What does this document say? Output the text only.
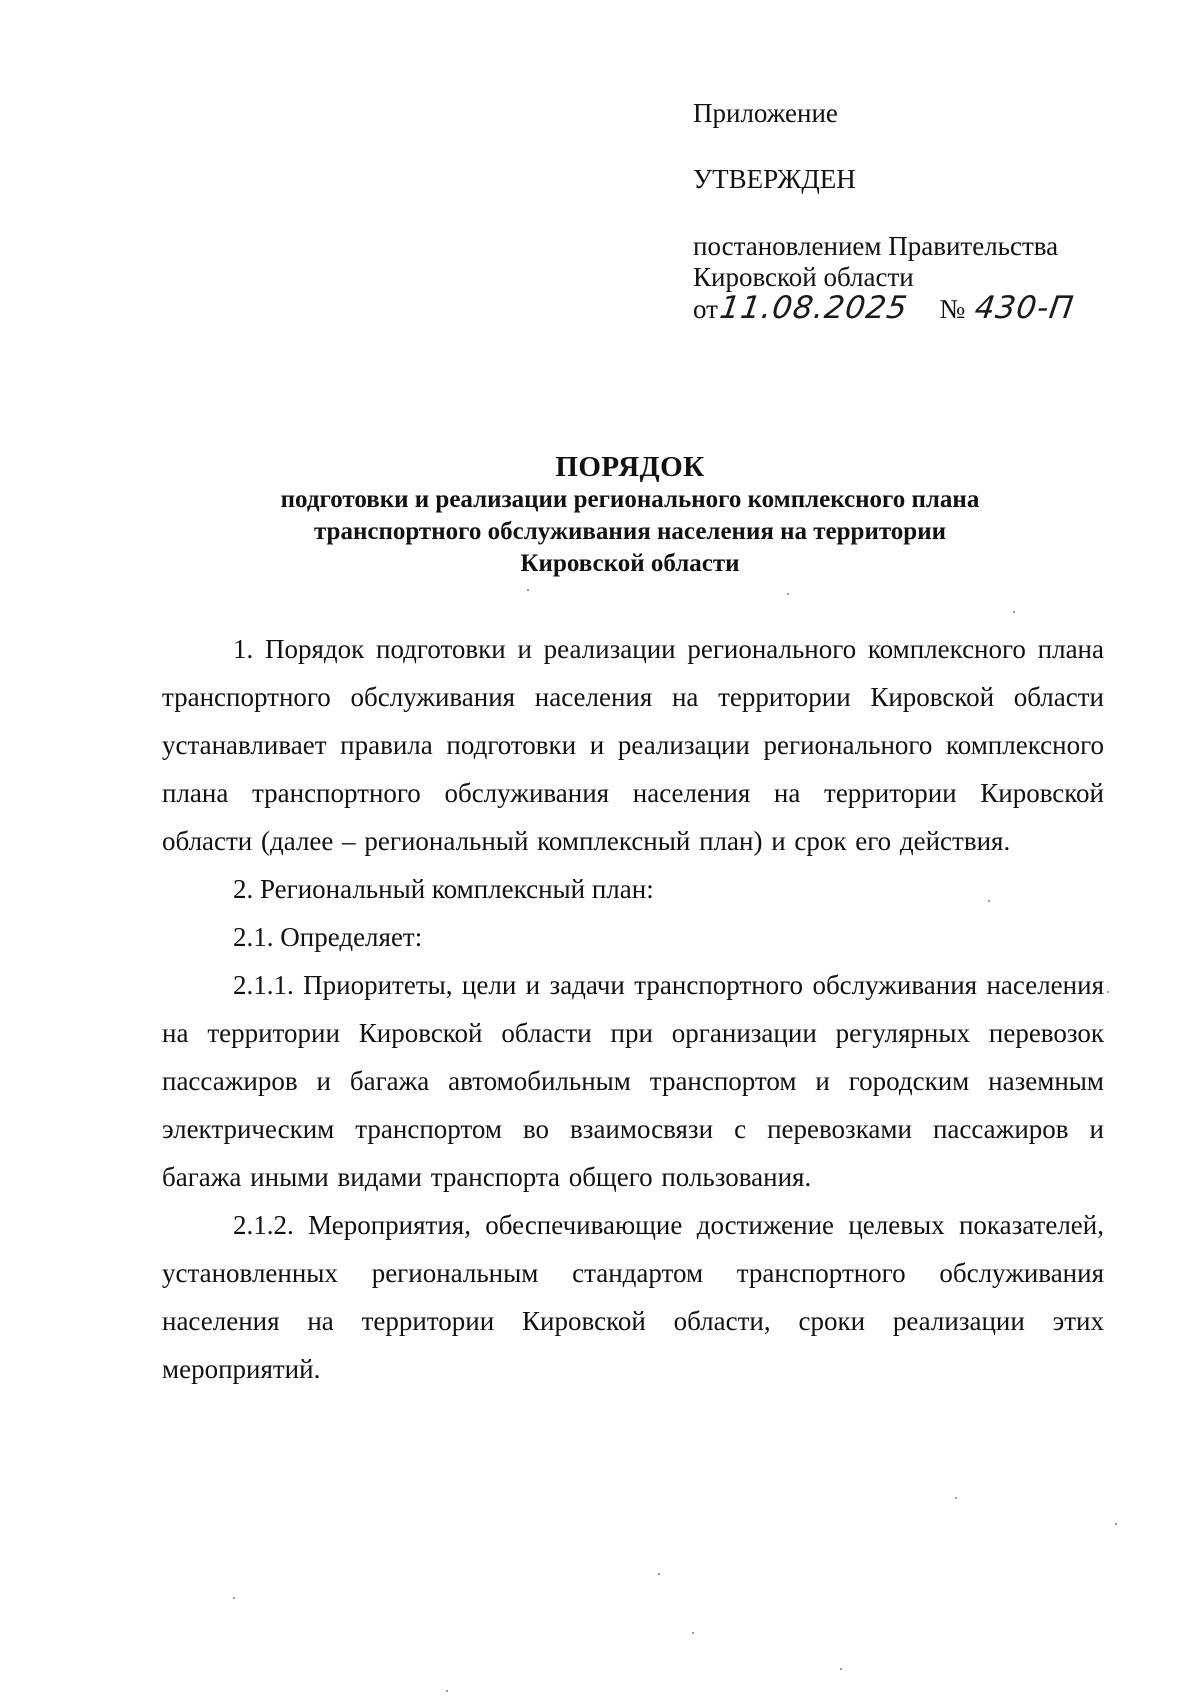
Приложение
УТВЕРЖДЕН
постановлением Правительства
Кировской области
от 11.08.2025 № 430-П
ПОРЯДОК
подготовки и реализации регионального комплексного плана
транспортного обслуживания населения на территории
Кировской области

1. Порядок подготовки и реализации регионального комплексного плана транспортного обслуживания населения на территории Кировской области устанавливает правила подготовки и реализации регионального комплексного плана транспортного обслуживания населения на территории Кировской области (далее – региональный комплексный план) и срок его действия.

2. Региональный комплексный план:

2.1. Определяет:

2.1.1. Приоритеты, цели и задачи транспортного обслуживания населения на территории Кировской области при организации регулярных перевозок пассажиров и багажа автомобильным транспортом и городским наземным электрическим транспортом во взаимосвязи с перевозками пассажиров и багажа иными видами транспорта общего пользования.

2.1.2. Мероприятия, обеспечивающие достижение целевых показателей, установленных региональным стандартом транспортного обслуживания населения на территории Кировской области, сроки реализации этих мероприятий.
